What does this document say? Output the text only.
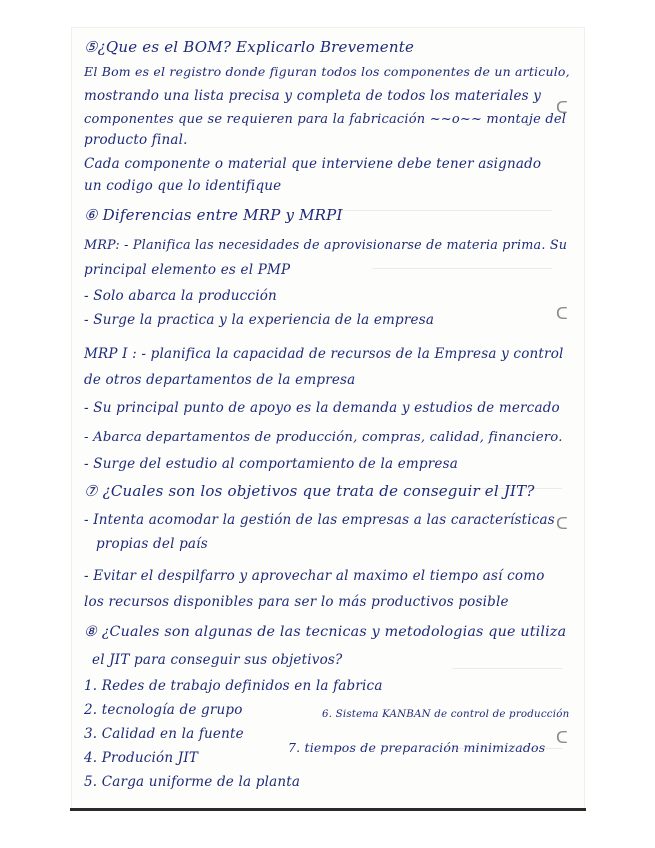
⑤¿Que es el BOM? Explicarlo Brevemente
El Bom es el registro donde figuran todos los componentes de un articulo,
mostrando una lista precisa y completa de todos los materiales y
componentes que se requieren para la fabricación ~~o~~ montaje del
producto final.
Cada componente o material que interviene debe tener asignado
un codigo que lo identifique
⑥ Diferencias entre MRP y MRPI
MRP: - Planifica las necesidades de aprovisionarse de materia prima. Su
principal elemento es el PMP
- Solo abarca la producción
- Surge la practica y la experiencia de la empresa
MRP I : - planifica la capacidad de recursos de la Empresa y control
de otros departamentos de la empresa
- Su principal punto de apoyo es la demanda y estudios de mercado
- Abarca departamentos de producción, compras, calidad, financiero.
- Surge del estudio al comportamiento de la empresa
⑦ ¿Cuales son los objetivos que trata de conseguir el JIT?
- Intenta acomodar la gestión de las empresas a las características
propias del país
- Evitar el despilfarro y aprovechar al maximo el tiempo así como
los recursos disponibles para ser lo más productivos posible
⑧ ¿Cuales son algunas de las tecnicas y metodologias que utiliza
el JIT para conseguir sus objetivos?
1. Redes de trabajo definidos en la fabrica
2. tecnología de grupo
3. Calidad en la fuente
4. Produción JIT
5. Carga uniforme de la planta
6. Sistema KANBAN de control de producción
7. tiempos de preparación minimizados
ᑕ
ᑕ
ᑕ
ᑕ
